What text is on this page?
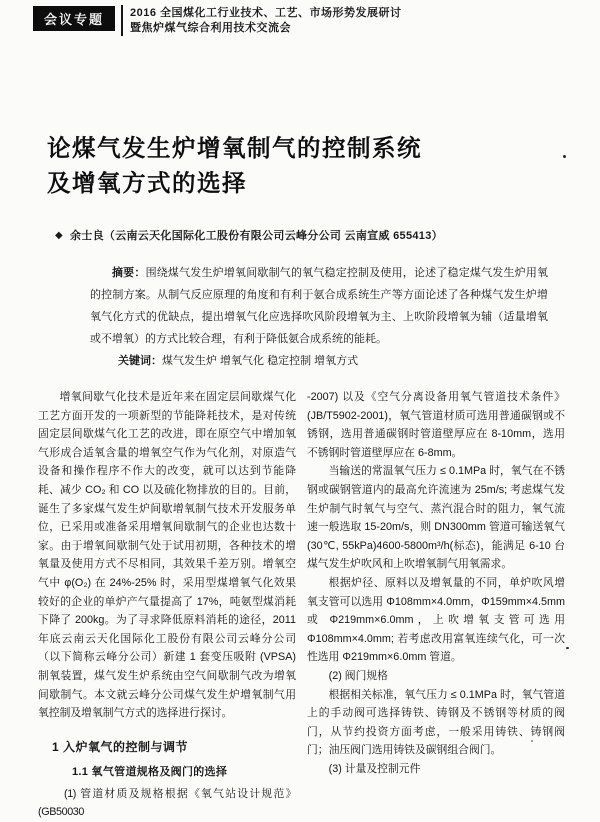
会议专题 2016 全国煤化工行业技术、工艺、市场形势发展研讨
暨焦炉煤气综合利用技术交流会
论煤气发生炉增氧制气的控制系统
及增氧方式的选择
◆ 余士良（云南云天化国际化工股份有限公司云峰分公司 云南宣威 655413）

摘要：围绕煤气发生炉增氧间歇制气的氧气稳定控制及使用，论述了稳定煤气发生炉用氧的控制方案。从制气反应原理的角度和有利于氨合成系统生产等方面论述了各种煤气发生炉增氧气化方式的优缺点，提出增氧气化应选择吹风阶段增氧为主、上吹阶段增氧为辅（适量增氧或不增氧）的方式比较合理，有利于降低氨合成系统的能耗。

关键词：煤气发生炉 增氧气化 稳定控制 增氧方式

增氧间歇气化技术是近年来在固定层间歇煤气化工艺方面开发的一项新型的节能降耗技术，是对传统固定层间歇煤气化工艺的改进，即在原空气中增加氧气形成合适氧含量的增氧空气作为气化剂，对原造气设备和操作程序不作大的改变，就可以达到节能降耗、减少 CO₂ 和 CO 以及硫化物排放的目的。目前，诞生了多家煤气发生炉间歇增氧制气技术开发服务单位，已采用或准备采用增氧间歇制气的企业也达数十家。由于增氧间歇制气处于试用初期，各种技术的增氧量及使用方式不尽相同，其效果千差万别。增氧空气中 φ(O₂) 在 24%-25% 时，采用型煤增氧气化效果较好的企业的单炉产气量提高了 17%，吨氨型煤消耗下降了 200kg。为了寻求降低原料消耗的途径，2011 年底云南云天化国际化工股份有限公司云峰分公司（以下简称云峰分公司）新建 1 套变压吸附 (VPSA) 制氧装置，煤气发生炉系统由空气间歇制气改为增氧间歇制气。本文就云峰分公司煤气发生炉增氧制气用氧控制及增氧制气方式的选择进行探讨。

1 入炉氧气的控制与调节

1.1 氧气管道规格及阀门的选择

(1) 管道材质及规格根据《氧气站设计规范》(GB50030

-2007) 以及《空气分离设备用氧气管道技术条件》(JB/T5902-2001)，氧气管道材质可选用普通碳钢或不锈钢，选用普通碳钢时管道壁厚应在 8-10mm，选用不锈钢时管道壁厚应在 6-8mm。

当输送的常温氧气压力 ≤ 0.1MPa 时，氧气在不锈钢或碳钢管道内的最高允许流速为 25m/s; 考虑煤气发生炉制气时氧气与空气、蒸汽混合时的阻力，氧气流速一般选取 15-20m/s，则 DN300mm 管道可输送氧气 (30℃, 55kPa)4600-5800m³/h(标态)，能满足 6-10 台煤气发生炉吹风和上吹增氧制气用氧需求。

根据炉径、原料以及增氧量的不同，单炉吹风增氧支管可以选用 Φ108mm×4.0mm，Φ159mm×4.5mm 或 Φ219mm×6.0mm，上吹增氧支管可选用 Φ108mm×4.0mm; 若考虑改用富氧连续气化，可一次性选用 Φ219mm×6.0mm 管道。

(2) 阀门规格

根据相关标准，氧气压力 ≤ 0.1MPa 时，氧气管道上的手动阀可选择铸铁、铸钢及不锈钢等材质的阀门，从节约投资方面考虑，一般采用铸铁、铸钢阀门；油压阀门选用铸铁及碳钢组合阀门。

(3) 计量及控制元件
